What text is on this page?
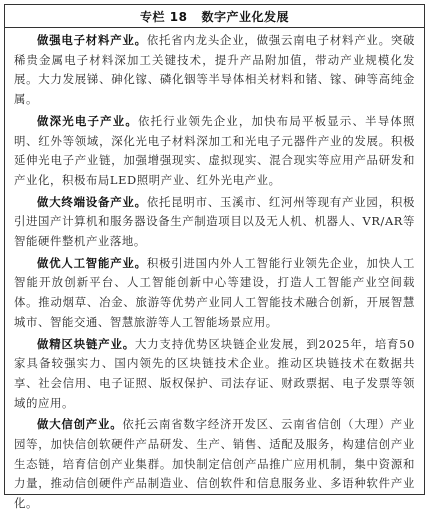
专栏 18 数字产业化发展

做强电子材料产业。依托省内龙头企业，做强云南电子材料产业。突破稀贵金属电子材料深加工关键技术，提升产品附加值，带动产业规模化发展。大力发展锑、砷化镓、磷化铟等半导体相关材料和锗、镓、砷等高纯金属。

做深光电子产业。依托行业领先企业，加快布局平板显示、半导体照明、红外等领域，深化光电子材料深加工和光电子元器件产业的发展。积极延伸光电子产业链，加强增强现实、虚拟现实、混合现实等应用产品研发和产业化，积极布局LED照明产业、红外光电产业。

做大终端设备产业。依托昆明市、玉溪市、红河州等现有产业园，积极引进国产计算机和服务器设备生产制造项目以及无人机、机器人、VR/AR等智能硬件整机产业落地。

做优人工智能产业。积极引进国内外人工智能行业领先企业，加快人工智能开放创新平台、人工智能创新中心等建设，打造人工智能产业空间载体。推动烟草、冶金、旅游等优势产业同人工智能技术融合创新，开展智慧城市、智能交通、智慧旅游等人工智能场景应用。

做精区块链产业。大力支持优势区块链企业发展，到2025年，培育50家具备较强实力、国内领先的区块链技术企业。推动区块链技术在数据共享、社会信用、电子证照、版权保护、司法存证、财政票据、电子发票等领域的应用。

做大信创产业。依托云南省数字经济开发区、云南省信创（大理）产业园等，加快信创软硬件产品研发、生产、销售、适配及服务，构建信创产业生态链，培育信创产业集群。加快制定信创产品推广应用机制，集中资源和力量，推动信创硬件产品制造业、信创软件和信息服务业、多语种软件产业化。
